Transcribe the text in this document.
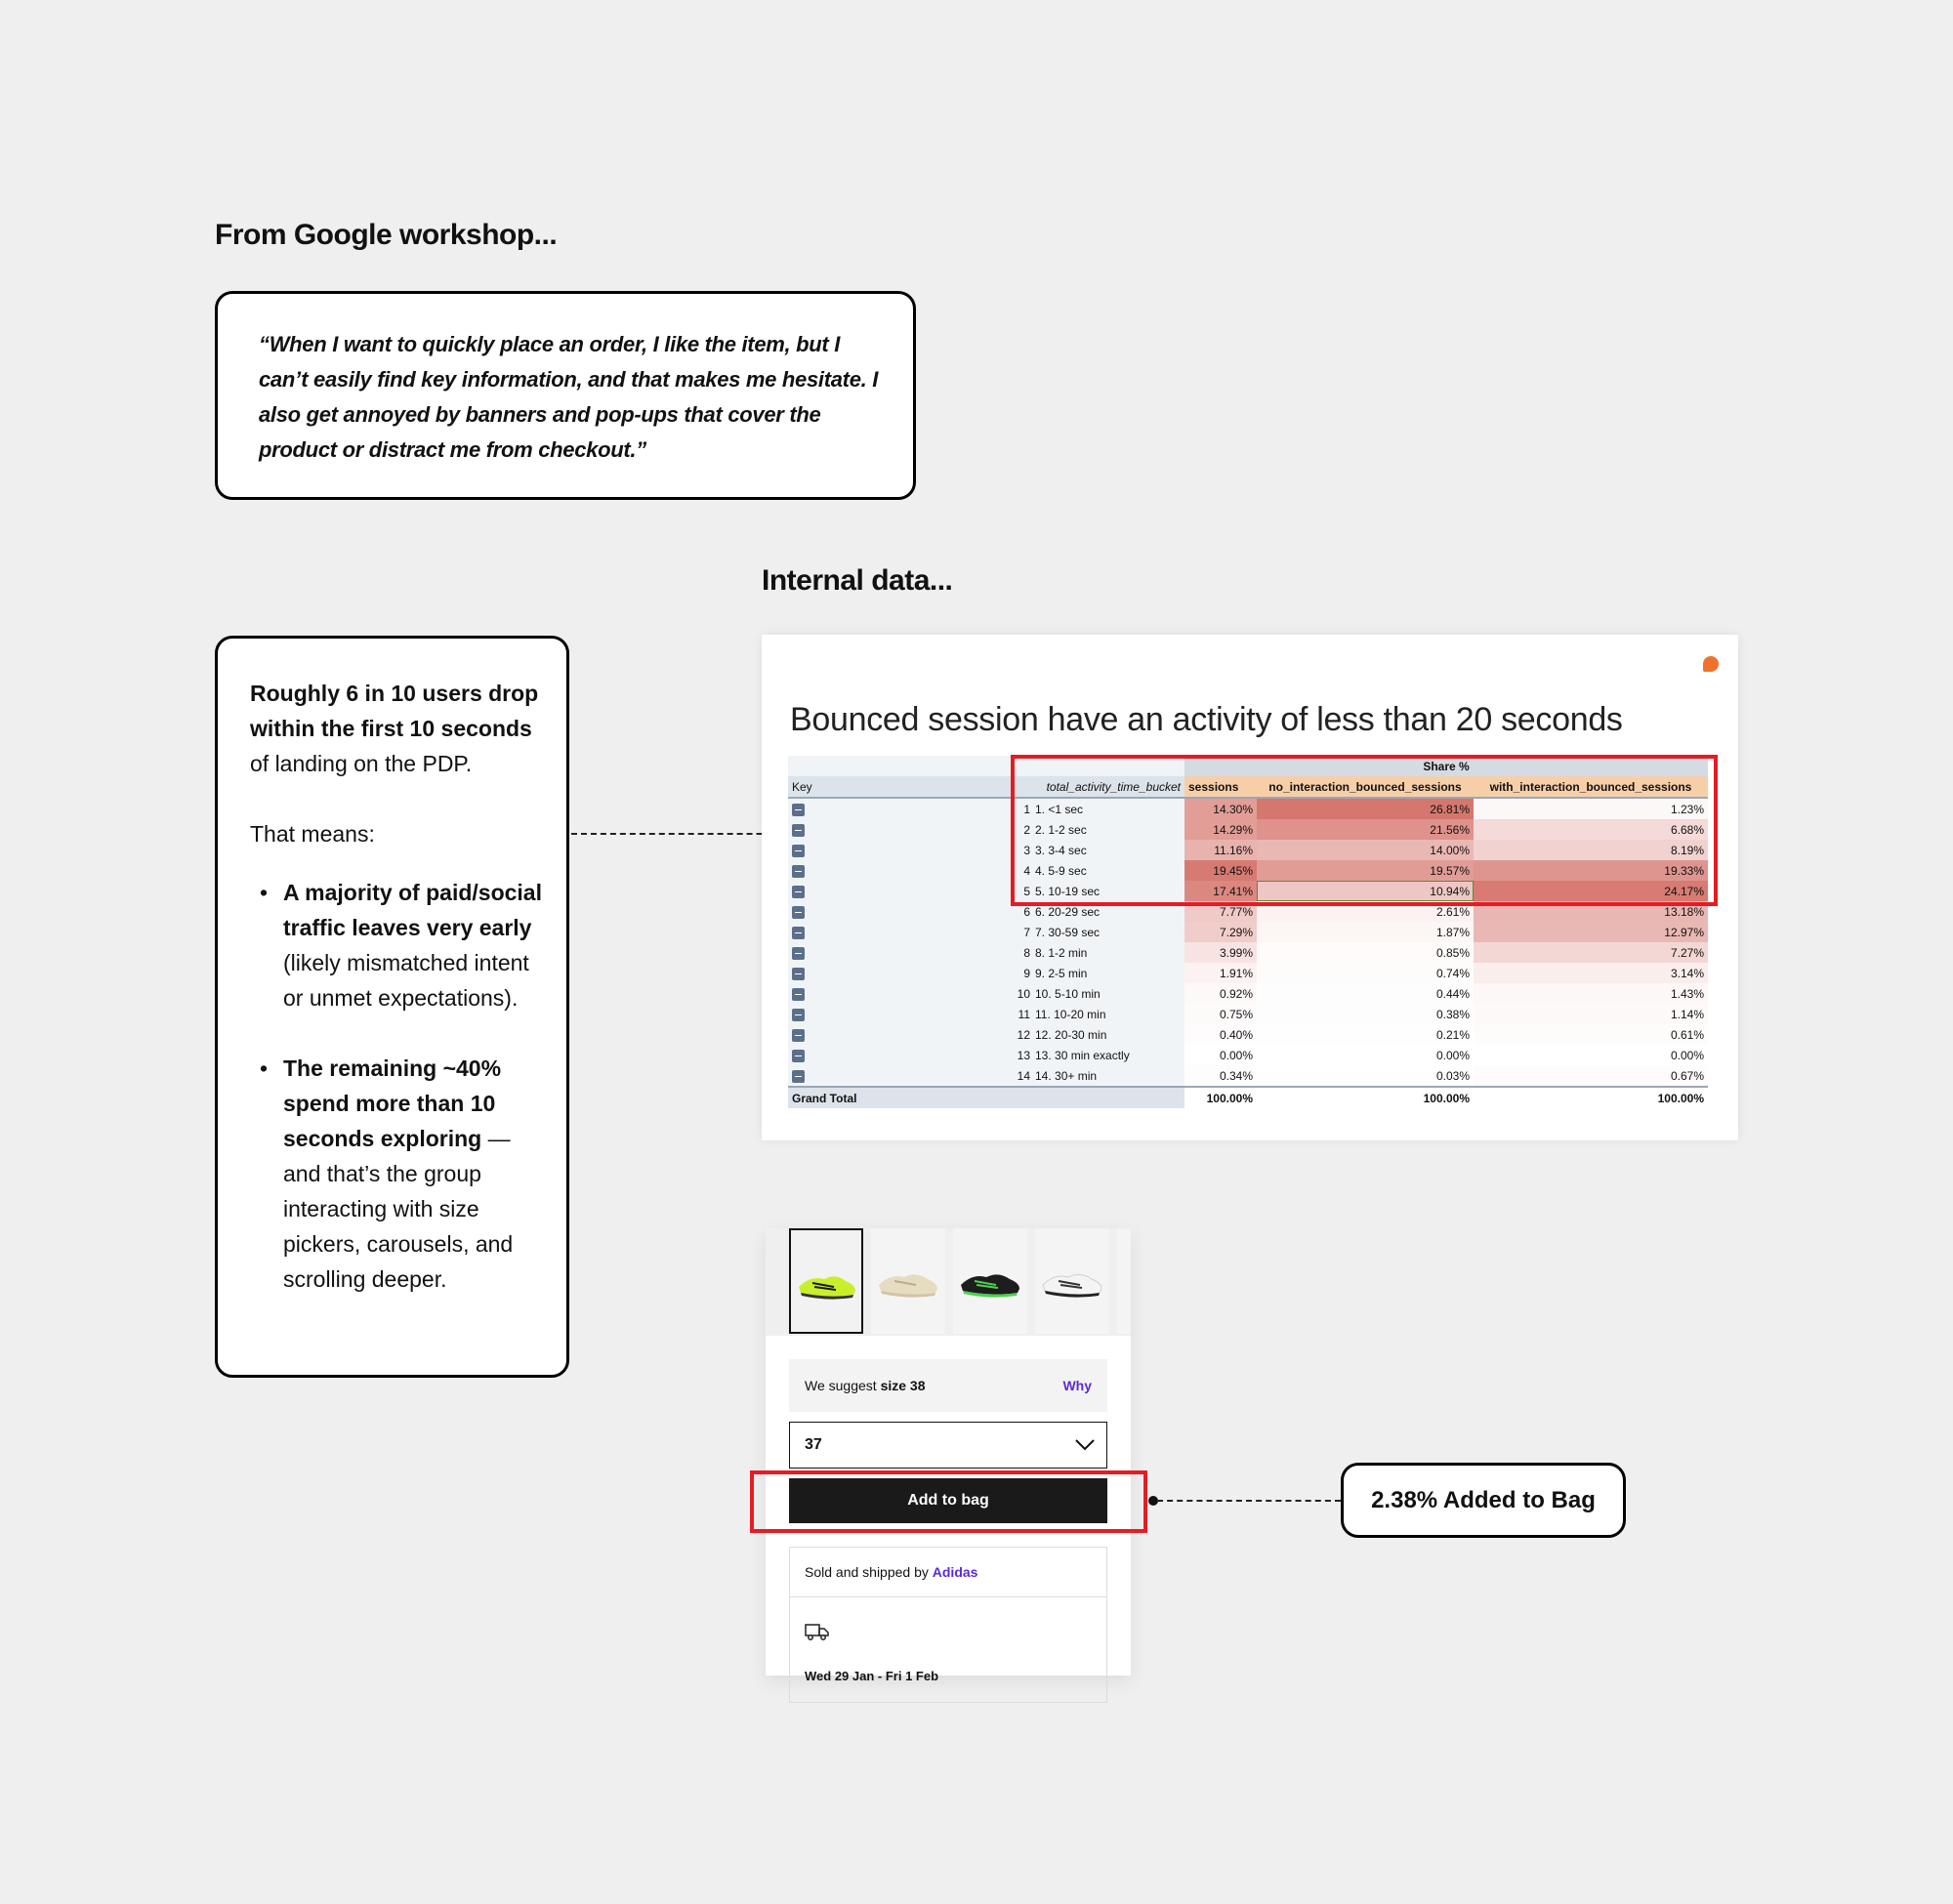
From Google workshop...
“When I want to quickly place an order, I like the item, but I can’t easily find key information, and that makes me hesitate. I also get annoyed by banners and pop-ups that cover the product or distract me from checkout.”

Roughly 6 in 10 users drop within the first 10 seconds of landing on the PDP.

That means:

• A majority of paid/social traffic leaves very early (likely mismatched intent or unmet expectations).
• The remaining ~40% spend more than 10 seconds exploring — and that’s the group interacting with size pickers, carousels, and scrolling deeper.
Internal data...
Bounced session have an activity of less than 20 seconds
		Share %		
Key	total_activity_time_bucket	sessions	no_interaction_bounced_sessions	with_interaction_bounced_sessions
	1 1. <1 sec	14.30%	26.81%	1.23%
	2 2. 1-2 sec	14.29%	21.56%	6.68%
	3 3. 3-4 sec	11.16%	14.00%	8.19%
	4 4. 5-9 sec	19.45%	19.57%	19.33%
	5 5. 10-19 sec	17.41%	10.94%	24.17%
	6 6. 20-29 sec	7.77%	2.61%	13.18%
	7 7. 30-59 sec	7.29%	1.87%	12.97%
	8 8. 1-2 min	3.99%	0.85%	7.27%
	9 9. 2-5 min	1.91%	0.74%	3.14%
	10 10. 5-10 min	0.92%	0.44%	1.43%
	11 11. 10-20 min	0.75%	0.38%	1.14%
	12 12. 20-30 min	0.40%	0.21%	0.61%
	13 13. 30 min exactly	0.00%	0.00%	0.00%
	14 14. 30+ min	0.34%	0.03%	0.67%
Grand Total		100.00%	100.00%	100.00%
We suggest size 38	Why
37
Add to bag
Sold and shipped by Adidas
Wed 29 Jan - Fri 1 Feb
2.38% Added to Bag
